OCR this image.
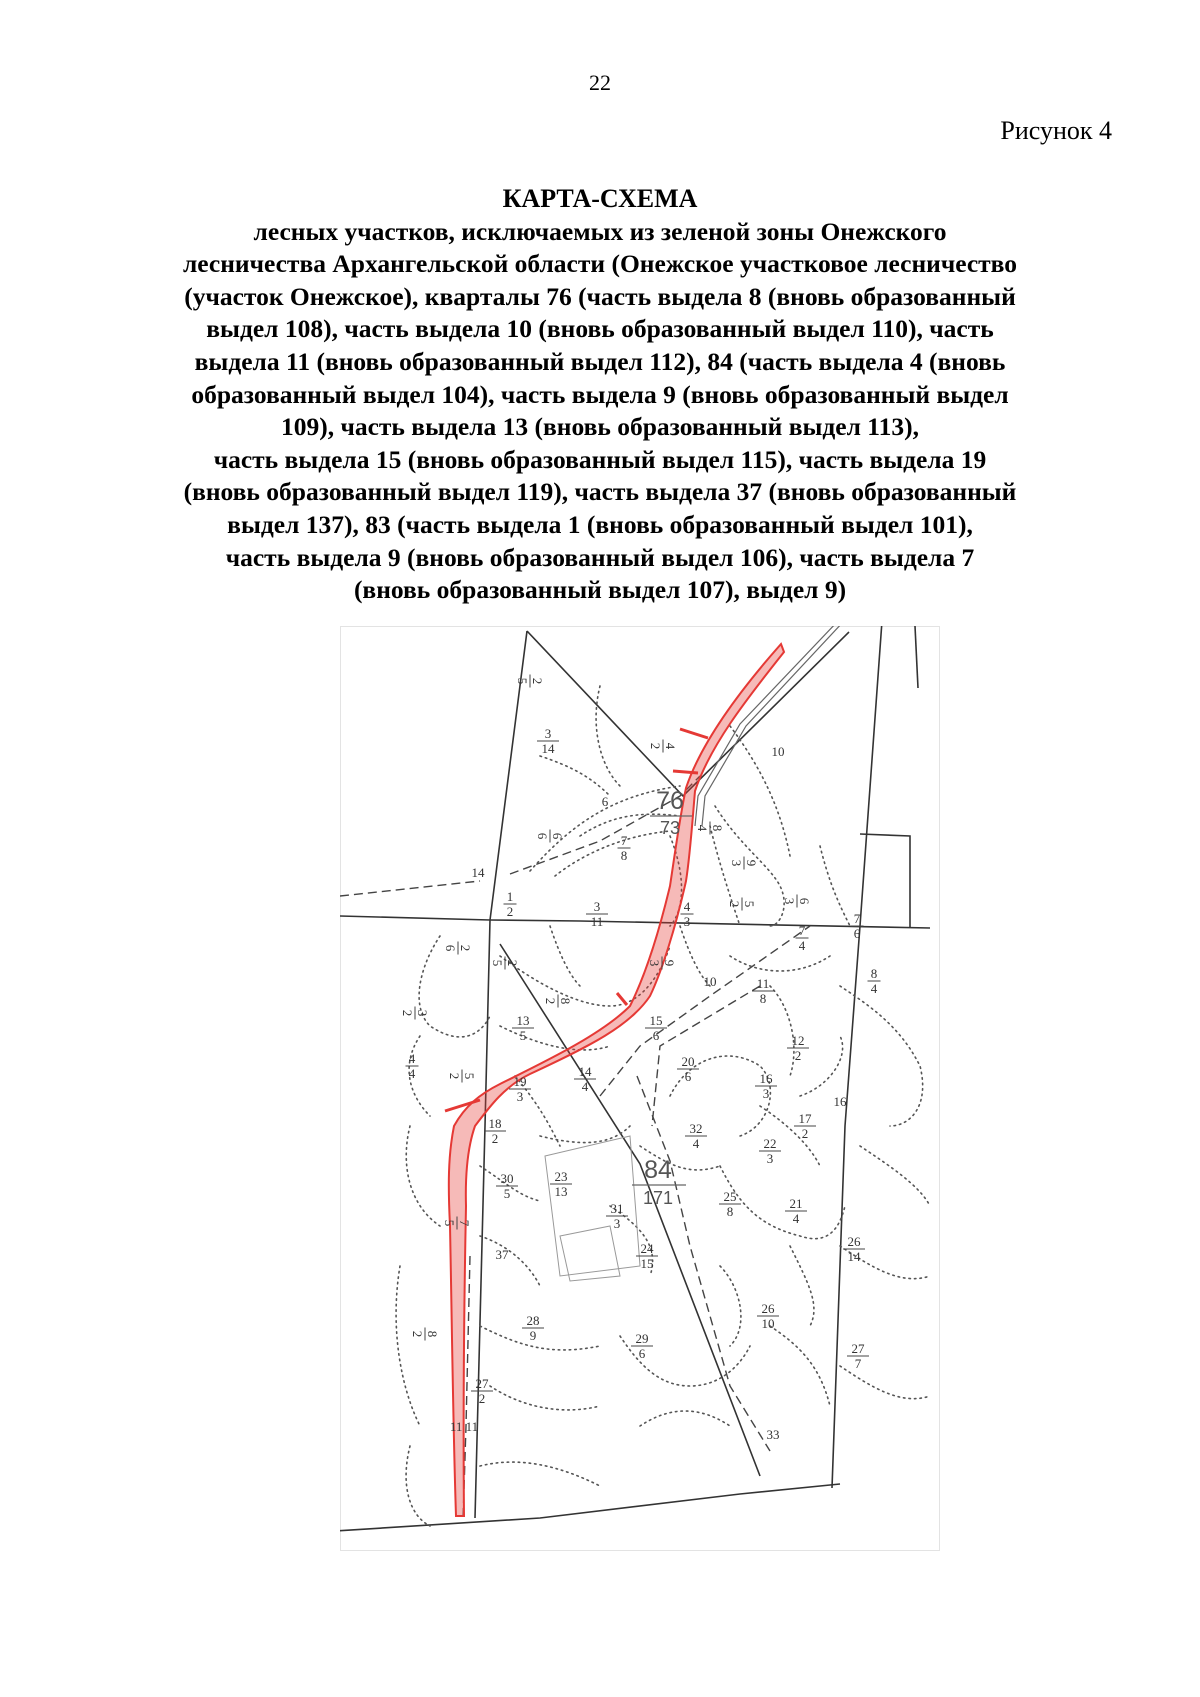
22
Рисунок 4
КАРТА-СХЕМА
лесных участков, исключаемых из зеленой зоны Онежского
лесничества Архангельской области (Онежское участковое лесничество
(участок Онежское), кварталы 76 (часть выдела 8 (вновь образованный
выдел 108), часть выдела 10 (вновь образованный выдел 110), часть
выдела 11 (вновь образованный выдел 112), 84 (часть выдела 4 (вновь
образованный выдел 104), часть выдела 9 (вновь образованный выдел
109), часть выдела 13 (вновь образованный выдел 113),
часть выдела 15 (вновь образованный выдел 115), часть выдела 19
(вновь образованный выдел 119), часть выдела 37 (вновь образованный
выдел 137), 83 (часть выдела 1 (вновь образованный выдел 101),
часть выдела 9 (вновь образованный выдел 106), часть выдела 7
(вновь образованный выдел 107), выдел 9)
76
73
84
171
2
5
3
14	4
2
6
6
6	7
8
8
4
10
9
3
5
2	6
3
7
6
14
1
2	3
11
4
3
7
4
2
6
2
5	9
3
10
8
4
11
8
3
2
8
2
13
5
15
6	12
2
4
4	5
2	14
4
20
6	16
3
16
19
3
18
2
32
4
17
2
22
3
30
5
23
13
31
3
25
8
21
4
7
5
37	24
15
26
14
8
2
28
9
26
10
29
6	27
7
27
2
11 11
33
